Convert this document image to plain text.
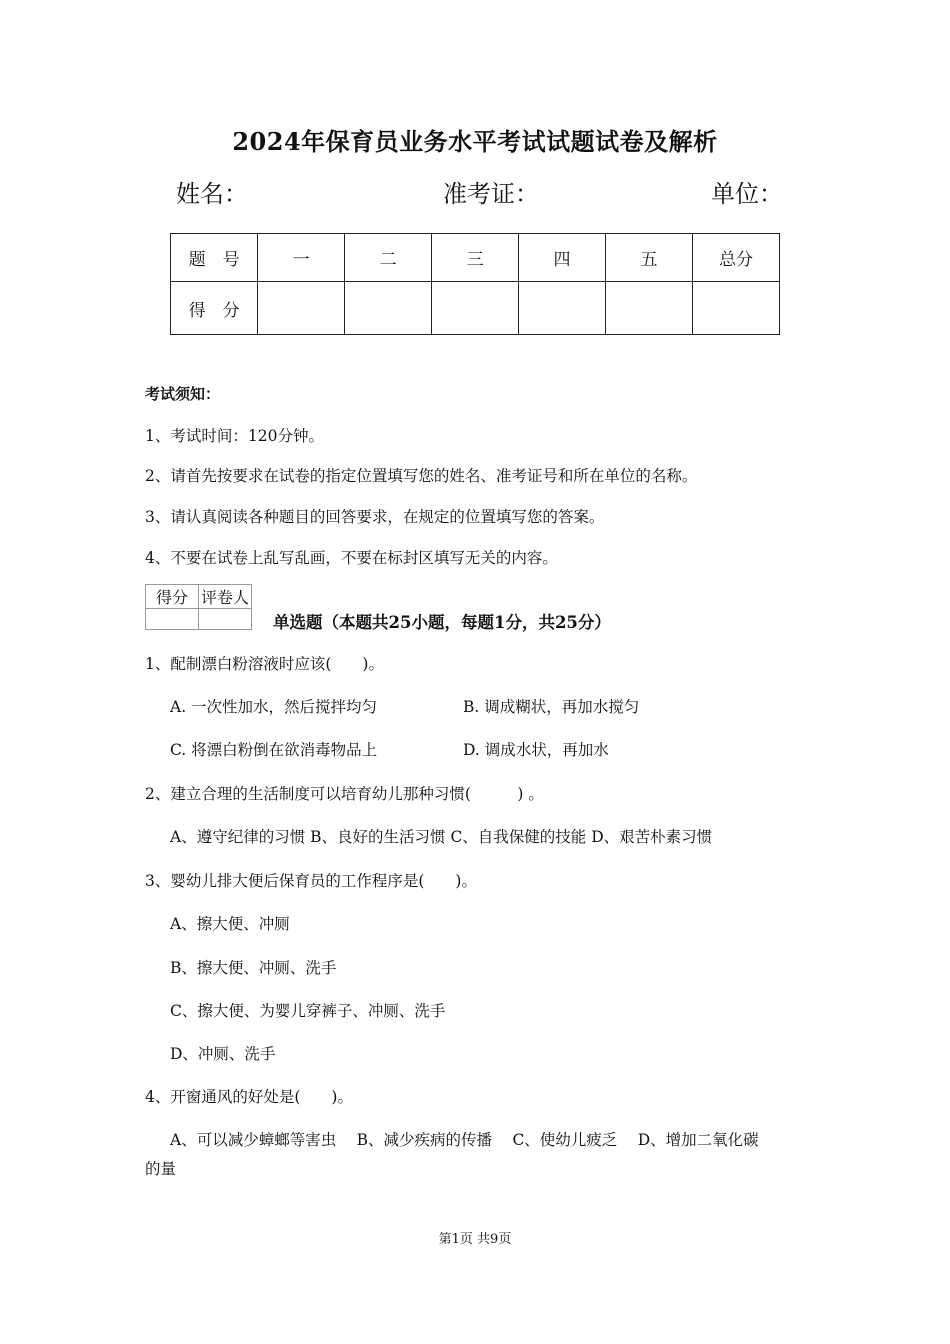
2024年保育员业务水平考试试题试卷及解析
姓名：	准考证：	单位：
题　号	一	二	三	四	五	总分
得　分						
考试须知：
1、考试时间：120分钟。
2、请首先按要求在试卷的指定位置填写您的姓名、准考证号和所在单位的名称。
3、请认真阅读各种题目的回答要求，在规定的位置填写您的答案。
4、不要在试卷上乱写乱画，不要在标封区填写无关的内容。
得分	评卷人

单选题（本题共25小题，每题1分，共25分）
1、配制漂白粉溶液时应该(　　)。
A. 一次性加水，然后搅拌均匀	B. 调成糊状，再加水搅匀
C. 将漂白粉倒在欲消毒物品上	D. 调成水状，再加水
2、建立合理的生活制度可以培育幼儿那种习惯(　　　) 。
A、遵守纪律的习惯 B、良好的生活习惯 C、自我保健的技能 D、艰苦朴素习惯
3、婴幼儿排大便后保育员的工作程序是(　　)。
A、擦大便、冲厕
B、擦大便、冲厕、洗手
C、擦大便、为婴儿穿裤子、冲厕、洗手
D、冲厕、洗手
4、开窗通风的好处是(　　)。
A、可以减少蟑螂等害虫　 B、减少疾病的传播　 C、使幼儿疲乏　 D、增加二氧化碳
的量
第1页 共9页
